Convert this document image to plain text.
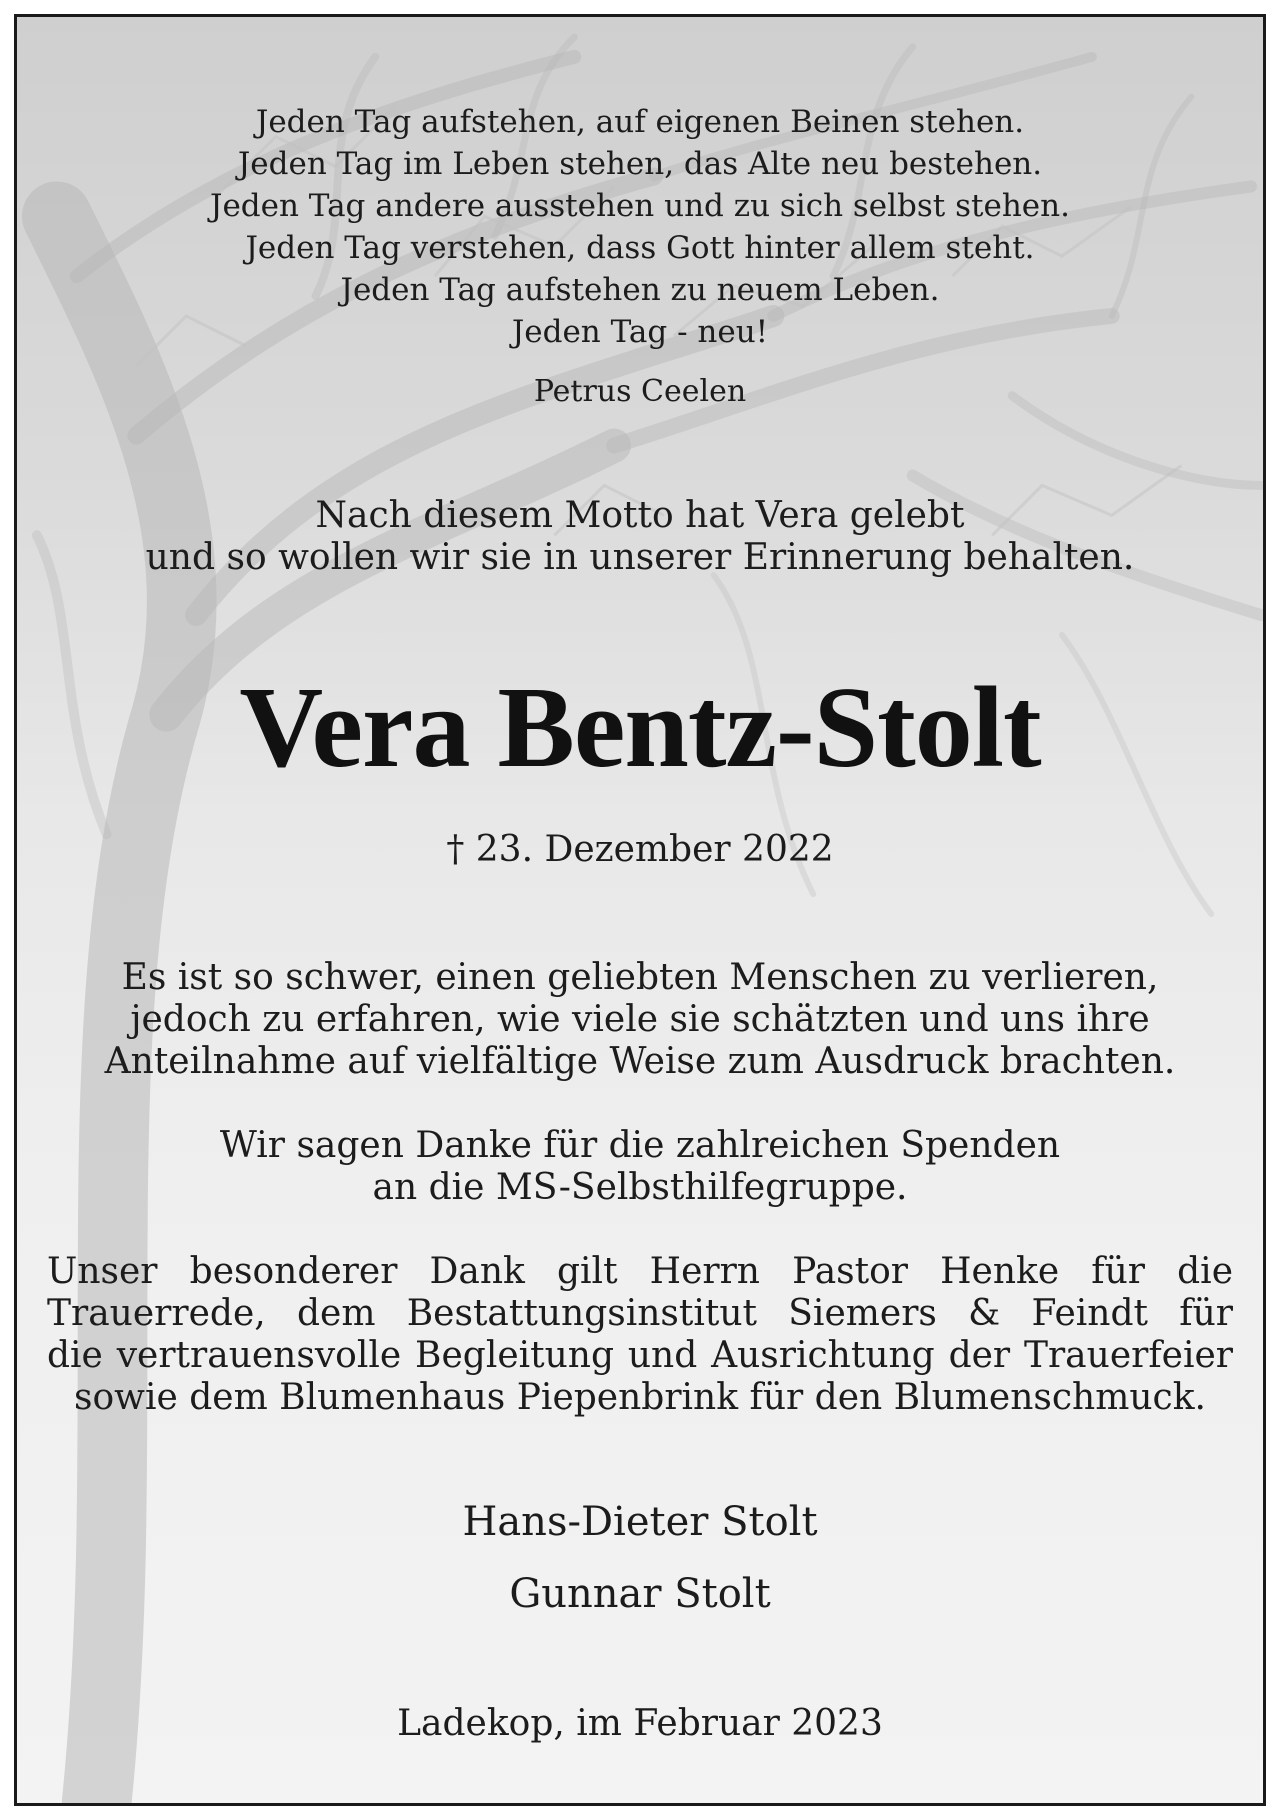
Jeden Tag aufstehen, auf eigenen Beinen stehen.
Jeden Tag im Leben stehen, das Alte neu bestehen.
Jeden Tag andere ausstehen und zu sich selbst stehen.
Jeden Tag verstehen, dass Gott hinter allem steht.
Jeden Tag aufstehen zu neuem Leben.
Jeden Tag - neu!
Petrus Ceelen
Nach diesem Motto hat Vera gelebt
und so wollen wir sie in unserer Erinnerung behalten.
Vera Bentz-Stolt
† 23. Dezember 2022
Es ist so schwer, einen geliebten Menschen zu verlieren,
jedoch zu erfahren, wie viele sie schätzten und uns ihre
Anteilnahme auf vielfältige Weise zum Ausdruck brachten.
Wir sagen Danke für die zahlreichen Spenden
an die MS-Selbsthilfegruppe.
Unser besonderer Dank gilt Herrn Pastor Henke für die
Trauerrede, dem Bestattungsinstitut Siemers & Feindt für
die vertrauensvolle Begleitung und Ausrichtung der Trauerfeier
sowie dem Blumenhaus Piepenbrink für den Blumenschmuck.
Hans-Dieter Stolt
Gunnar Stolt
Ladekop, im Februar 2023
